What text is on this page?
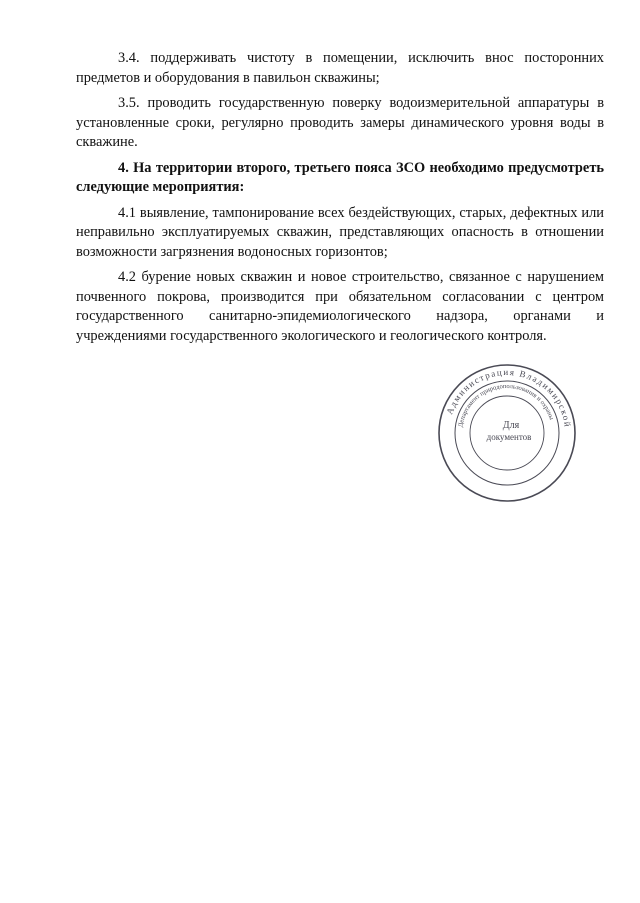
3.4. поддерживать чистоту в помещении, исключить внос посторонних предметов и оборудования в павильон скважины;

3.5. проводить государственную поверку водоизмерительной аппаратуры в установленные сроки, регулярно проводить замеры динамического уровня воды в скважине.

4. На территории второго, третьего пояса ЗСО необходимо предусмотреть следующие мероприятия:

4.1 выявление, тампонирование всех бездействующих, старых, дефектных или неправильно эксплуатируемых скважин, представляющих опасность в отношении возможности загрязнения водоносных горизонтов;

4.2 бурение новых скважин и новое строительство, связанное с нарушением почвенного покрова, производится при обязательном согласовании с центром государственного санитарно-эпидемиологического надзора, органами и учреждениями государственного экологического и геологического контроля.

Администрация Владимирской
Департамент природопользования и охраны
Для
документов
